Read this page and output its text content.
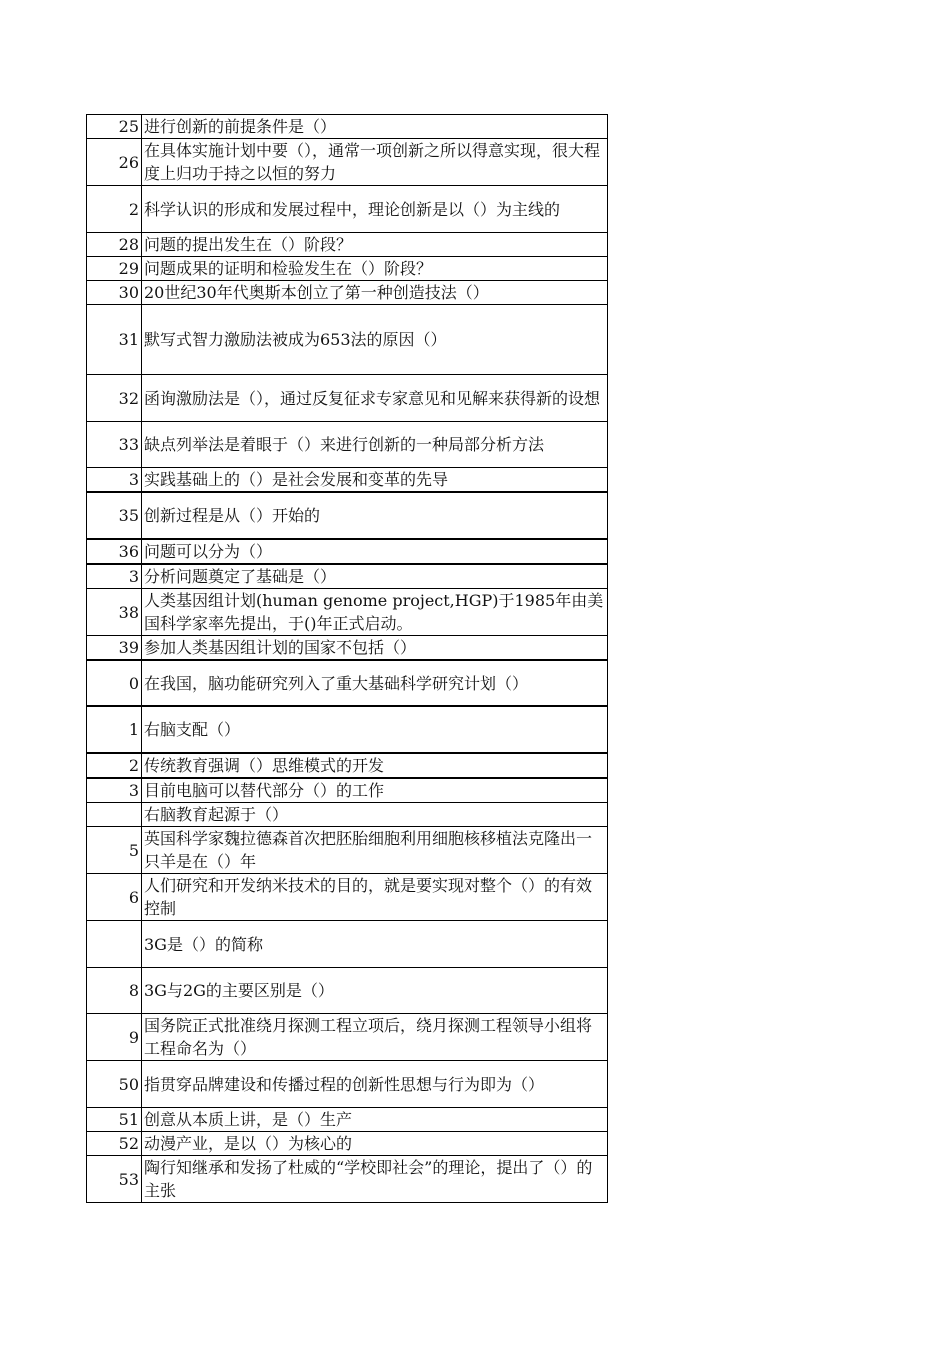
25	进行创新的前提条件是（）
26	在具体实施计划中要（），通常一项创新之所以得意实现，很大程度上归功于持之以恒的努力
2	科学认识的形成和发展过程中，理论创新是以（）为主线的
28	问题的提出发生在（）阶段？
29	问题成果的证明和检验发生在（）阶段？
30	20世纪30年代奥斯本创立了第一种创造技法（）
31	默写式智力激励法被成为653法的原因（）
32	函询激励法是（），通过反复征求专家意见和见解来获得新的设想
33	缺点列举法是着眼于（）来进行创新的一种局部分析方法
3	实践基础上的（）是社会发展和变革的先导
35	创新过程是从（）开始的
36	问题可以分为（）
3	分析问题奠定了基础是（）
38	人类基因组计划(human genome project,HGP)于1985年由美国科学家率先提出，于()年正式启动。
39	参加人类基因组计划的国家不包括（）
0	在我国，脑功能研究列入了重大基础科学研究计划（）
1	右脑支配（）
2	传统教育强调（）思维模式的开发
3	目前电脑可以替代部分（）的工作
	右脑教育起源于（）
5	英国科学家魏拉德森首次把胚胎细胞利用细胞核移植法克隆出一只羊是在（）年
6	人们研究和开发纳米技术的目的，就是要实现对整个（）的有效控制
	3G是（）的简称
8	3G与2G的主要区别是（）
9	国务院正式批准绕月探测工程立项后，绕月探测工程领导小组将工程命名为（）
50	指贯穿品牌建设和传播过程的创新性思想与行为即为（）
51	创意从本质上讲，是（）生产
52	动漫产业，是以（）为核心的
53	陶行知继承和发扬了杜威的“学校即社会”的理论，提出了（）的主张
